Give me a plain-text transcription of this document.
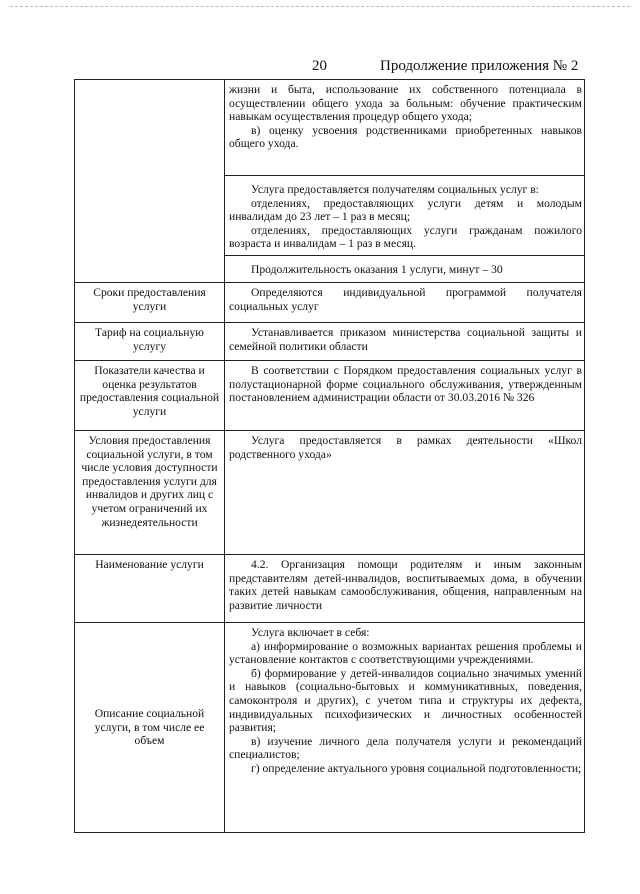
20	Продолжение приложения № 2

	жизни и быта, использование их собственного потенциала в осуществлении общего ухода за больным: обучение практическим навыкам осуществления процедур общего ухода;

в) оценку усвоения родственниками приобретенных навыков общего ухода.

	Услуга предоставляется получателям социальных услуг в:

отделениях, предоставляющих услуги детям и молодым инвалидам до 23 лет – 1 раз в месяц;

отделениях, предоставляющих услуги гражданам пожилого возраста и инвалидам – 1 раз в месяц.

	Продолжительность оказания 1 услуги, минут – 30

Сроки предоставления услуги	Определяются индивидуальной программой получателя социальных услуг

Тариф на социальную услугу	Устанавливается приказом министерства социальной защиты и семейной политики области

Показатели качества и оценка результатов предоставления социальной услуги	В соответствии с Порядком предоставления социальных услуг в полустационарной форме социального обслуживания, утвержденным постановлением администрации области от 30.03.2016 № 326

Условия предоставления социальной услуги, в том числе условия доступности предоставления услуги для инвалидов и других лиц с учетом ограничений их жизнедеятельности	Услуга предоставляется в рамках деятельности «Школ родственного ухода»

Наименование услуги	4.2. Организация помощи родителям и иным законным представителям детей-инвалидов, воспитываемых дома, в обучении таких детей навыкам самообслуживания, общения, направленным на развитие личности

Описание социальной услуги, в том числе ее объем	Услуга включает в себя:

а) информирование о возможных вариантах решения проблемы и установление контактов с соответствующими учреждениями.

б) формирование у детей-инвалидов социально значимых умений и навыков (социально-бытовых и коммуникативных, поведения, самоконтроля и других), с учетом типа и структуры их дефекта, индивидуальных психофизических и личностных особенностей развития;

в) изучение личного дела получателя услуги и рекомендаций специалистов;

г) определение актуального уровня социальной подготовленности;
